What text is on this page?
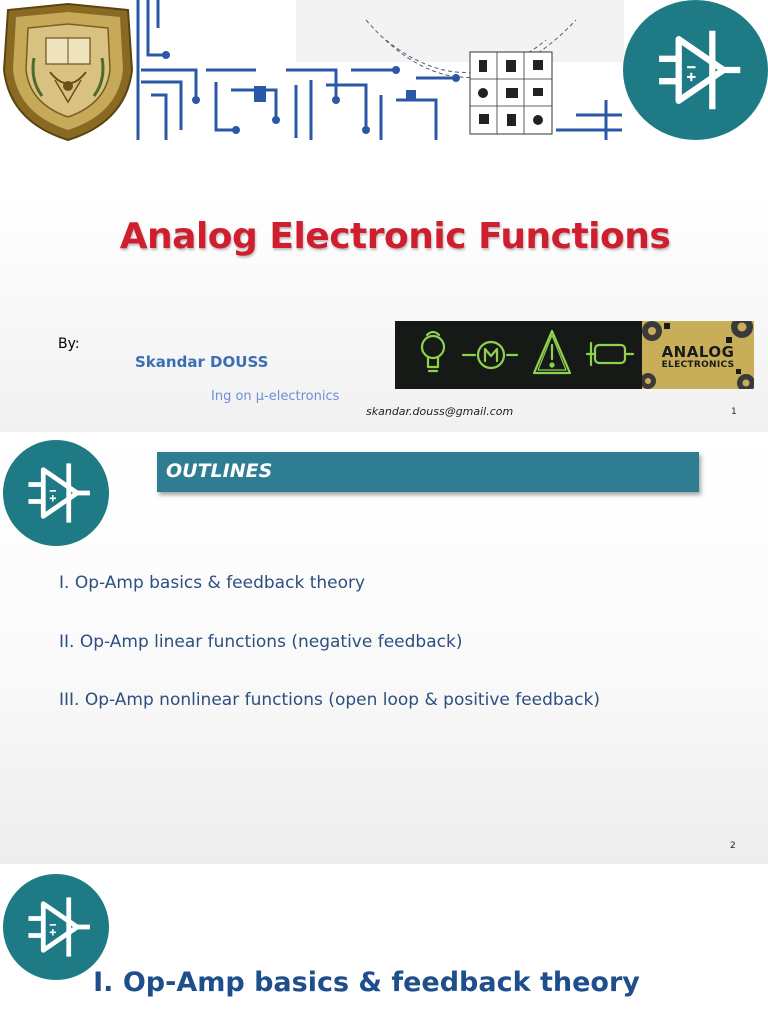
Analog Electronic Functions
By:
Skandar DOUSS
Ing on µ-electronics
skandar.douss@gmail.com
ANALOG
ELECTRONICS
1
OUTLINES
I. Op-Amp basics & feedback theory
II. Op-Amp linear functions (negative feedback)
III. Op-Amp nonlinear functions (open loop & positive feedback)
2
I. Op-Amp basics & feedback theory
